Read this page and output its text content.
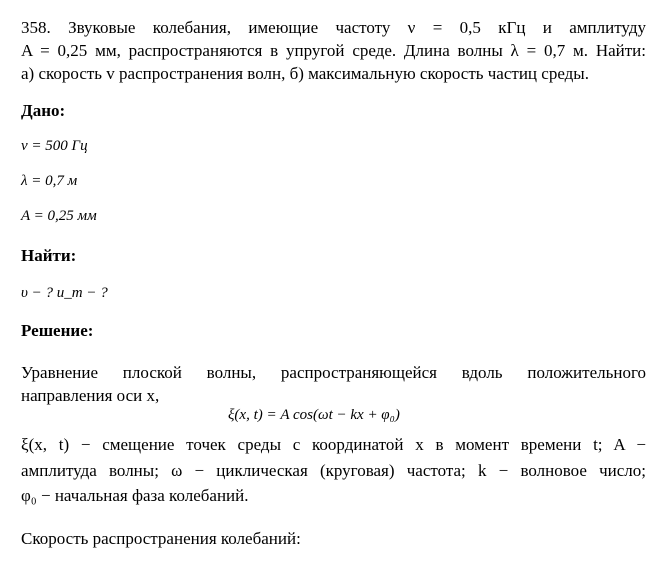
358. Звуковые колебания, имеющие частоту ν = 0,5 кГц и амплитуду
A = 0,25 мм, распространяются в упругой среде. Длина волны λ = 0,7 м. Найти:
а) скорость v распространения волн, б) максимальную скорость частиц среды.
Дано:
ν = 500 Гц
λ = 0,7 м
A = 0,25 мм
Найти:
υ − ? u_m − ?
Решение:
Уравнение плоской волны, распространяющейся вдоль положительного
направления оси x,
ξ(x, t) = A cos(ωt − kx + φ₀)
ξ(x, t) − смещение точек среды с координатой x в момент времени t; A −
амплитуда волны; ω − циклическая (круговая) частота; k − волновое число;
φ₀ − начальная фаза колебаний.
Скорость распространения колебаний:
